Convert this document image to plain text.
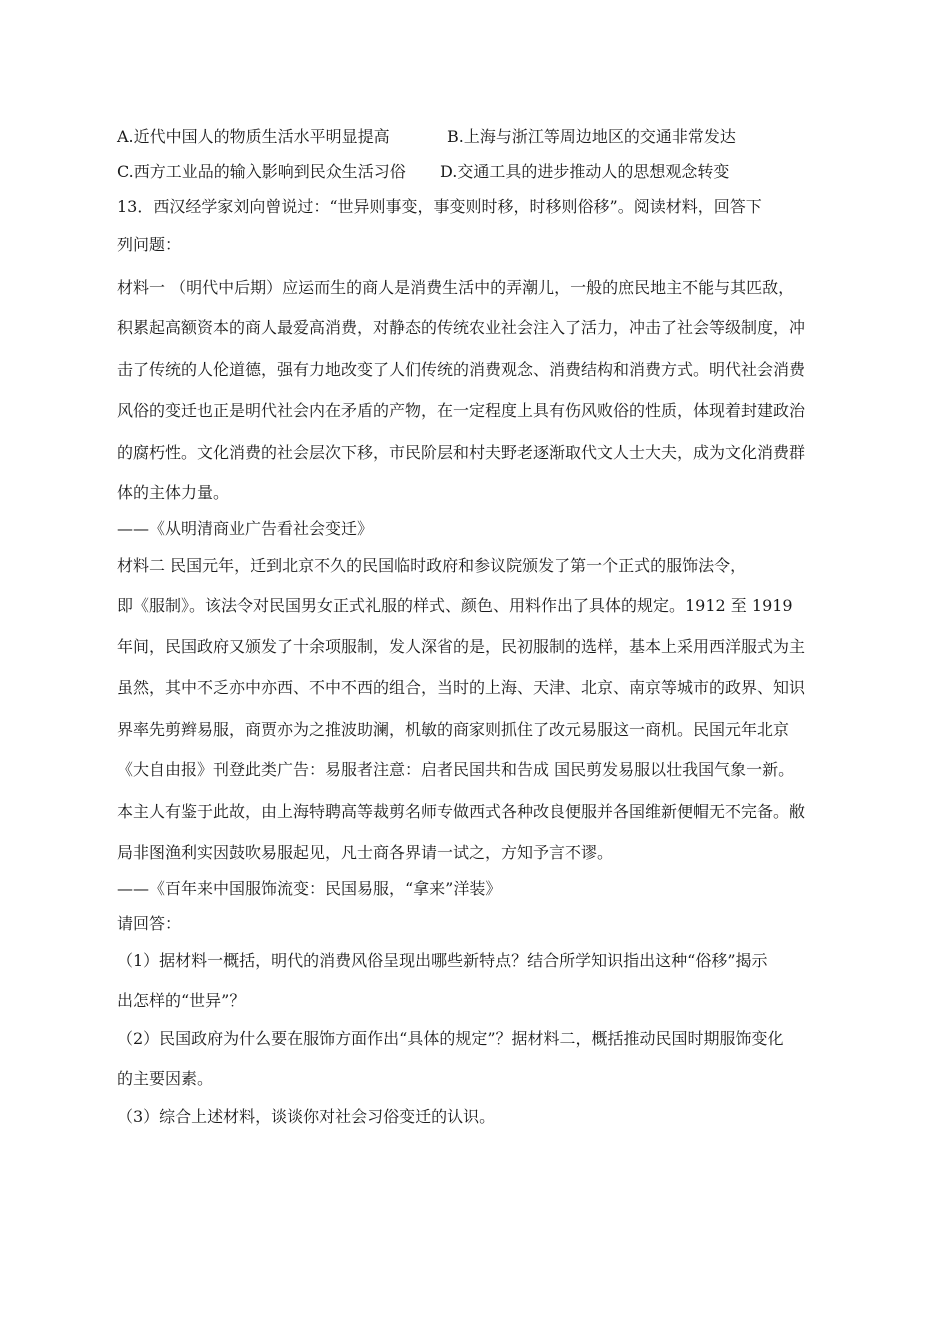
A.近代中国人的物质生活水平明显提高	B.上海与浙江等周边地区的交通非常发达
C.西方工业品的输入影响到民众生活习俗 D.交通工具的进步推动人的思想观念转变
13．西汉经学家刘向曾说过：“世异则事变，事变则时移，时移则俗移”。阅读材料，回答下
列问题：
材料一 （明代中后期）应运而生的商人是消费生活中的弄潮儿，一般的庶民地主不能与其匹敌，
积累起高额资本的商人最爱高消费，对静态的传统农业社会注入了活力，冲击了社会等级制度，冲
击了传统的人伦道德，强有力地改变了人们传统的消费观念、消费结构和消费方式。明代社会消费
风俗的变迁也正是明代社会内在矛盾的产物，在一定程度上具有伤风败俗的性质，体现着封建政治
的腐朽性。文化消费的社会层次下移，市民阶层和村夫野老逐渐取代文人士大夫，成为文化消费群
体的主体力量。
——《从明清商业广告看社会变迁》
材料二 民国元年，迁到北京不久的民国临时政府和参议院颁发了第一个正式的服饰法令，
即《服制》。该法令对民国男女正式礼服的样式、颜色、用料作出了具体的规定。1912 至 1919
年间，民国政府又颁发了十余项服制，发人深省的是，民初服制的选样，基本上采用西洋服式为主
虽然，其中不乏亦中亦西、不中不西的组合，当时的上海、天津、北京、南京等城市的政界、知识
界率先剪辫易服，商贾亦为之推波助澜，机敏的商家则抓住了改元易服这一商机。民国元年北京
《大自由报》刊登此类广告：易服者注意：启者民国共和告成 国民剪发易服以壮我国气象一新。
本主人有鉴于此故，由上海特聘高等裁剪名师专做西式各种改良便服并各国维新便帽无不完备。敝
局非图渔利实因鼓吹易服起见，凡士商各界请一试之，方知予言不谬。
——《百年来中国服饰流变：民国易服，“拿来”洋装》
请回答：
（1）据材料一概括，明代的消费风俗呈现出哪些新特点？结合所学知识指出这种“俗移”揭示
出怎样的“世异”？
（2）民国政府为什么要在服饰方面作出“具体的规定”？据材料二，概括推动民国时期服饰变化
的主要因素。
（3）综合上述材料，谈谈你对社会习俗变迁的认识。
